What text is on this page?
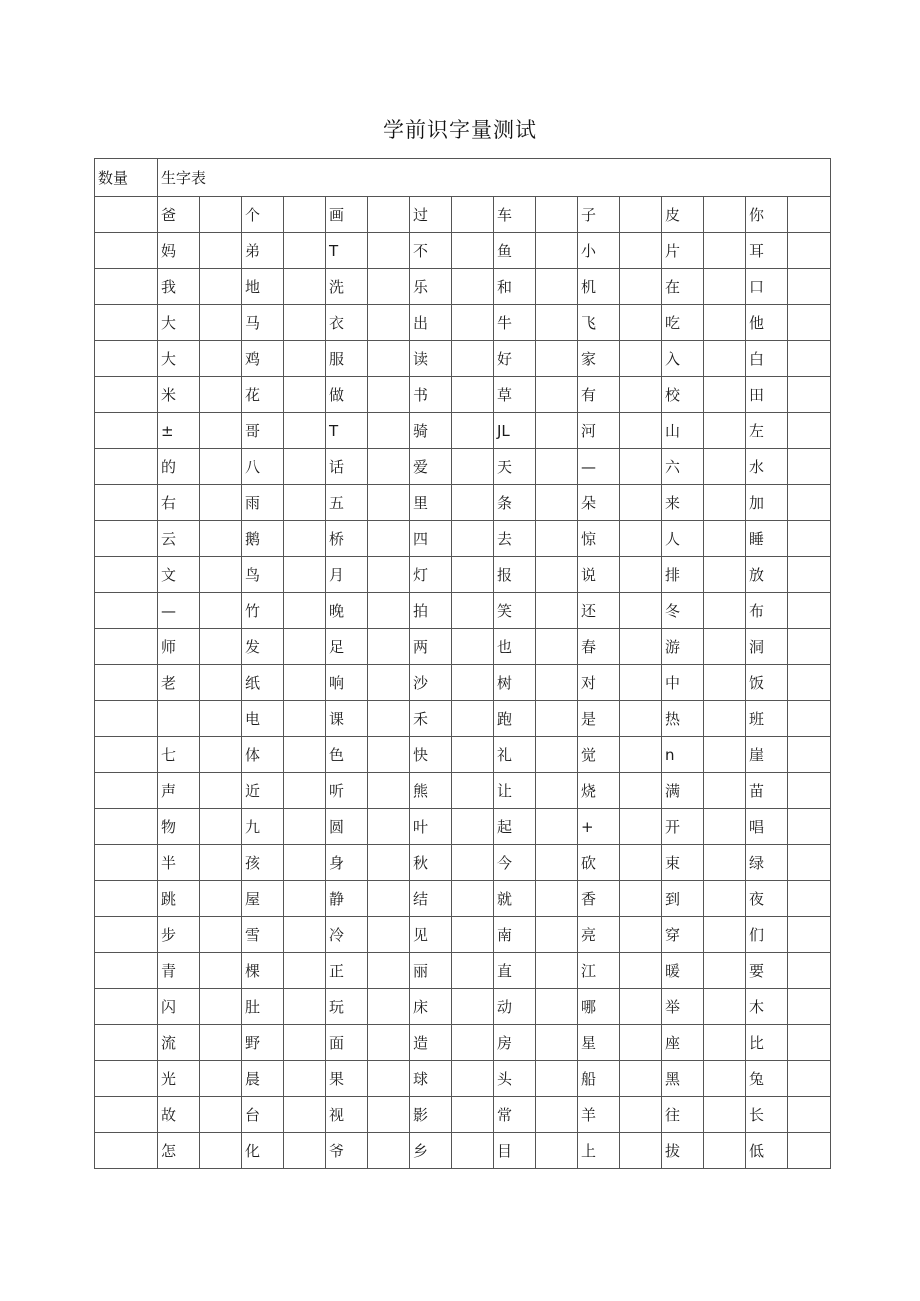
学前识字量测试
数量	生字表															
	爸		个		画		过		车		子		皮		你	
	妈		弟		T		不		鱼		小		片		耳	
	我		地		洗		乐		和		机		在		口	
	大		马		衣		出		牛		飞		吃		他	
	大		鸡		服		读		好		家		入		白	
	米		花		做		书		草		有		校		田	
	±		哥		T		骑		JL		河		山		左	
	的		八		话		爱		天		—		六		水	
	右		雨		五		里		条		朵		来		加	
	云		鹅		桥		四		去		惊		人		睡	
	文		鸟		月		灯		报		说		排		放	
	—		竹		晚		拍		笑		还		冬		布	
	师		发		足		两		也		春		游		洞	
	老		纸		响		沙		树		对		中		饭	
			电		课		禾		跑		是		热		班	
	七		体		色		快		礼		觉		n		崖	
	声		近		听		熊		让		烧		满		苗	
	物		九		圆		叶		起		+		开		唱	
	半		孩		身		秋		今		砍		束		绿	
	跳		屋		静		结		就		香		到		夜	
	步		雪		冷		见		南		亮		穿		们	
	青		棵		正		丽		直		江		暖		要	
	闪		肚		玩		床		动		哪		举		木	
	流		野		面		造		房		星		座		比	
	光		晨		果		球		头		船		黑		兔	
	故		台		视		影		常		羊		往		长	
	怎		化		爷		乡		目		上		拔		低	
